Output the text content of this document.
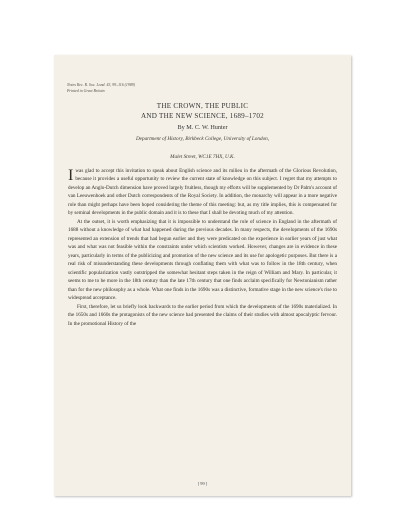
Notes Rec. R. Soc. Lond. 43, 99–116 (1989)
Printed in Great Britain
THE CROWN, THE PUBLIC
AND THE NEW SCIENCE, 1689–1702
By M. C. W. Hunter
Department of History, Birkbeck College, University of London,
Malet Street, WC1E 7HX, U.K.

Iwas glad to accept this invitation to speak about English science and its milieu in the aftermath of the Glorious Revolution, because it provides a useful opportunity to review the current state of knowledge on this subject. I regret that my attempts to develop an Anglo-Dutch dimension have proved largely fruitless, though my efforts will be supplemented by Dr Palm's account of van Leeuwenhoek and other Dutch correspondents of the Royal Society. In addition, the monarchy will appear in a more negative role than might perhaps have been hoped considering the theme of this meeting: but, as my title implies, this is compensated for by seminal developments in the public domain and it is to these that I shall be devoting much of my attention.

At the outset, it is worth emphasizing that it is impossible to understand the role of science in England in the aftermath of 1688 without a knowledge of what had happened during the previous decades. In many respects, the developments of the 1690s represented an extension of trends that had begun earlier and they were predicated on the experience in earlier years of just what was and what was not feasible within the constraints under which scientists worked. However, changes are in evidence in these years, particularly in terms of the publicizing and promotion of the new science and its use for apologetic purposes. But there is a real risk of misunderstanding these developments through conflating them with what was to follow in the 18th century, when scientific popularization vastly outstripped the somewhat hesitant steps taken in the reign of William and Mary. In particular, it seems to me to be more in the 18th century than the late 17th century that one finds acclaim specifically for Newtonianism rather than for the new philosophy as a whole. What one finds in the 1690s was a distinctive, formative stage in the new science's rise to widespread acceptance.

First, therefore, let us briefly look backwards to the earlier period from which the developments of the 1690s materialized. In the 1650s and 1660s the protagonists of the new science had presented the claims of their studies with almost apocalyptic fervour. In the promotional History of the

[ 99 ]
